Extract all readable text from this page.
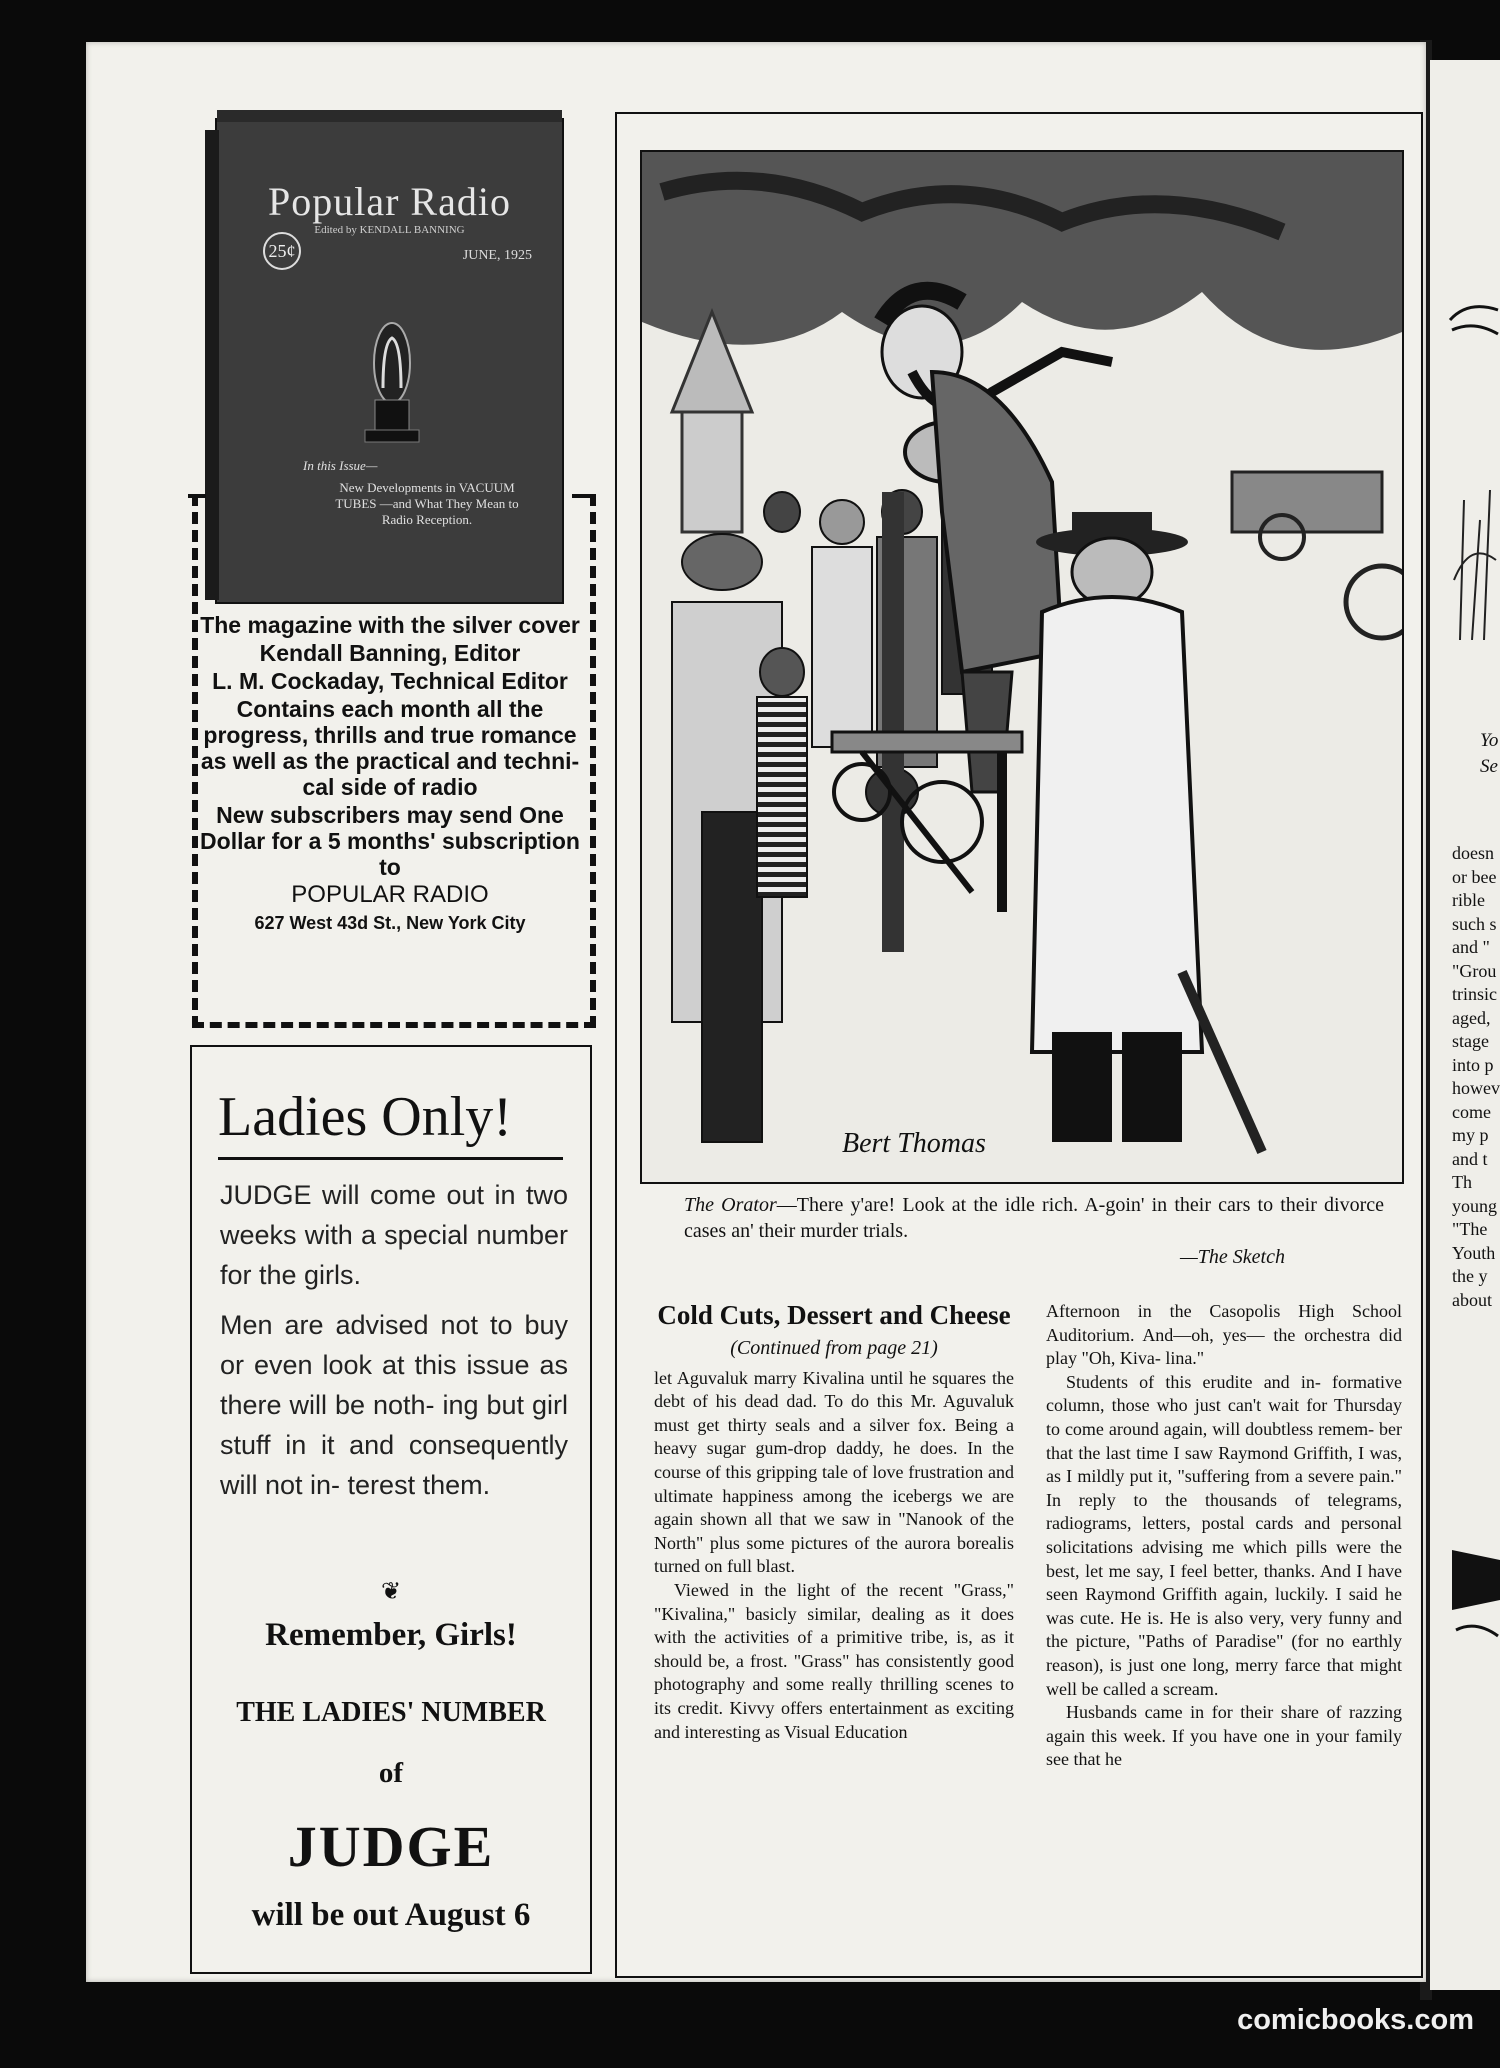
Popular Radio
Edited by KENDALL BANNING
25¢	JUNE, 1925
In this Issue—
New Developments in VACUUM TUBES —and What They Mean to Radio Reception.

The magazine with the silver cover

Kendall Banning, Editor

L. M. Cockaday, Technical Editor

Contains each month all the progress, thrills and true romance as well as the practical and techni- cal side of radio

New subscribers may send One Dollar for a 5 months' subscription to

POPULAR RADIO

627 West 43d St., New York City

Ladies Only!

JUDGE will come out in two weeks with a special number for the girls.

Men are advised not to buy or even look at this issue as there will be noth- ing but girl stuff in it and consequently will not in- terest them.

❦
Remember, Girls!
THE LADIES' NUMBER
of
JUDGE
will be out August 6
Bert Thomas
The Orator—There y'are! Look at the idle rich. A-goin' in their cars to their divorce cases an' their murder trials.
—The Sketch
Cold Cuts, Dessert and Cheese
(Continued from page 21)

let Aguvaluk marry Kivalina until he squares the debt of his dead dad. To do this Mr. Aguvaluk must get thirty seals and a silver fox. Being a heavy sugar gum-drop daddy, he does. In the course of this gripping tale of love frustration and ultimate happiness among the icebergs we are again shown all that we saw in "Nanook of the North" plus some pictures of the aurora borealis turned on full blast.

Viewed in the light of the recent "Grass," "Kivalina," basicly similar, dealing as it does with the activities of a primitive tribe, is, as it should be, a frost. "Grass" has consistently good photography and some really thrilling scenes to its credit. Kivvy offers entertainment as exciting and interesting as Visual Education

Afternoon in the Casopolis High School Auditorium. And—oh, yes— the orchestra did play "Oh, Kiva- lina."

Students of this erudite and in- formative column, those who just can't wait for Thursday to come around again, will doubtless remem- ber that the last time I saw Raymond Griffith, I was, as I mildly put it, "suffering from a severe pain." In reply to the thousands of telegrams, radiograms, letters, postal cards and personal solicitations advising me which pills were the best, let me say, I feel better, thanks. And I have seen Raymond Griffith again, luckily. I said he was cute. He is. He is also very, very funny and the picture, "Paths of Paradise" (for no earthly reason), is just one long, merry farce that might well be called a scream.

Husbands came in for their share of razzing again this week. If you have one in your family see that he

Yo
Se
doesn
or bee
rible
such s
and "
"Grou
trinsic
aged,
stage
into p
howev
come
my p
and t
Th
young
"The
Youth
the y
about
comicbooks.com
